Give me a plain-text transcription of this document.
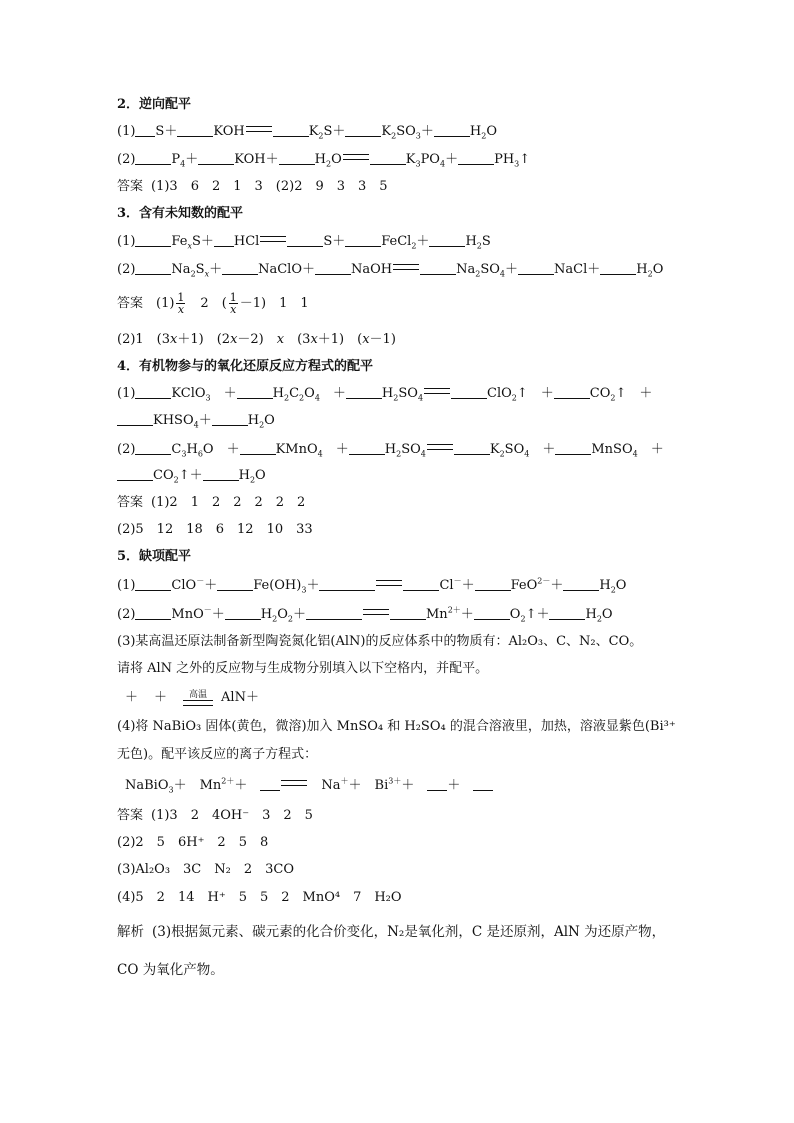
2．逆向配平
(1) S＋	KOH	$K_2S+$	$K_2SO_3+$	$H_2O$
(2)	$P_4+$	KOH＋	$H_2O$	$K_3PO_4+$	$PH_3↑$
答案 (1)3　6　2　1　3　(2)2　9　3　3　5
3．含有未知数的配平
(1)	$Fe_xS+$ HCl	S＋	FeCl$_2$＋	$H_2S$
(2)	$Na_2S_x+$	NaClO＋	NaOH	$Na_2SO_4+$	NaCl＋	$H_2O$
答案　$(1) \frac{1}{x}$ 　2　( $\frac{1}{x} -1$)　1　1
(2)1　(3x＋1)　(2x－2)　x　(3x＋1)　(x－1)
4．有机物参与的氧化还原反应方程式的配平
(1)	KClO$_3$　＋	$H_2C_2O_4$　＋	$H_2SO_4$	ClO$_2$↑　＋	$CO_2↑$　＋
$KHSO_4+$	$H_2O$
(2)	$C_3H_6O$　＋	KMnO$_4$　＋	$H_2SO_4$	$K_2SO_4$　＋	MnSO$_4$　＋
$CO_2↑+$	$H_2O$
答案 (1)2　1　2　2　2　2　2
(2)5　12　18　6　12　10　33
5．缺项配平
(1)	ClO－＋	$Fe(OH)_3+$	Cl－＋	FeO$^{2-}$＋	$H_2O$
(2)	MnO－＋	$H_2O_2+$	$Mn^{2+}+$	$O_2↑+$	$H_2O$
(3)某高温还原法制备新型陶瓷氮化铝(AlN)的反应体系中的物质有：Al₂O₃、C、N₂、CO。
请将 AlN 之外的反应物与生成物分别填入以下空格内，并配平。
＋ ＋ 高温 AlN＋
(4)将 NaBiO₃ 固体(黄色，微溶)加入 MnSO₄ 和 H₂SO₄ 的混合溶液里，加热，溶液显紫色(Bi³⁺
无色)。配平该反应的离子方程式：
NaBiO$_3$＋　$Mn^{2+}+$　	　Na＋＋　$Bi^{3+}+$　＋　
答案 (1)3　2　4OH⁻　3　2　5
(2)2　5　6H⁺　2　5　8
(3)Al₂O₃　3C　N₂　2　3CO
(4)5　2　14　H⁺　5　5　2　MnO⁴　7　H₂O
解析 (3)根据氮元素、碳元素的化合价变化，N₂是氧化剂，C 是还原剂，AlN 为还原产物，
CO 为氧化产物。
